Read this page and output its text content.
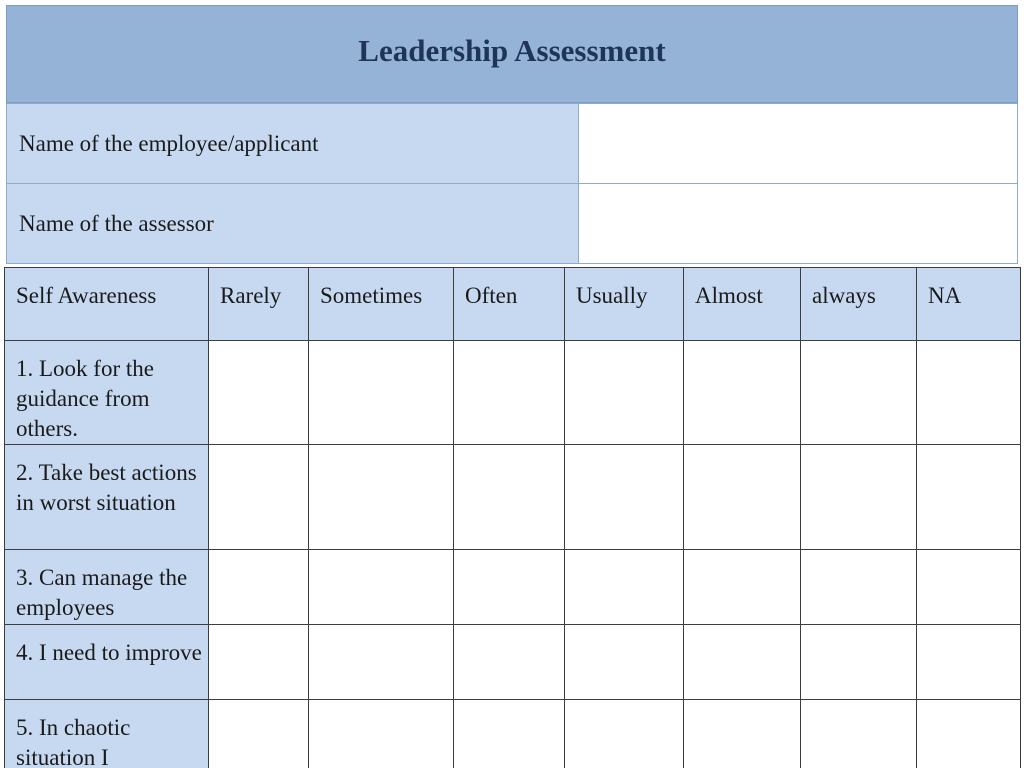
Leadership Assessment
Name of the employee/applicant	
Name of the assessor	
Self Awareness	Rarely	Sometimes	Often	Usually	Almost	always	NA
1. Look for the guidance from others.							
2. Take best actions in worst situation							
3. Can manage the employees							
4. I need to improve							
5. In chaotic situation I							
